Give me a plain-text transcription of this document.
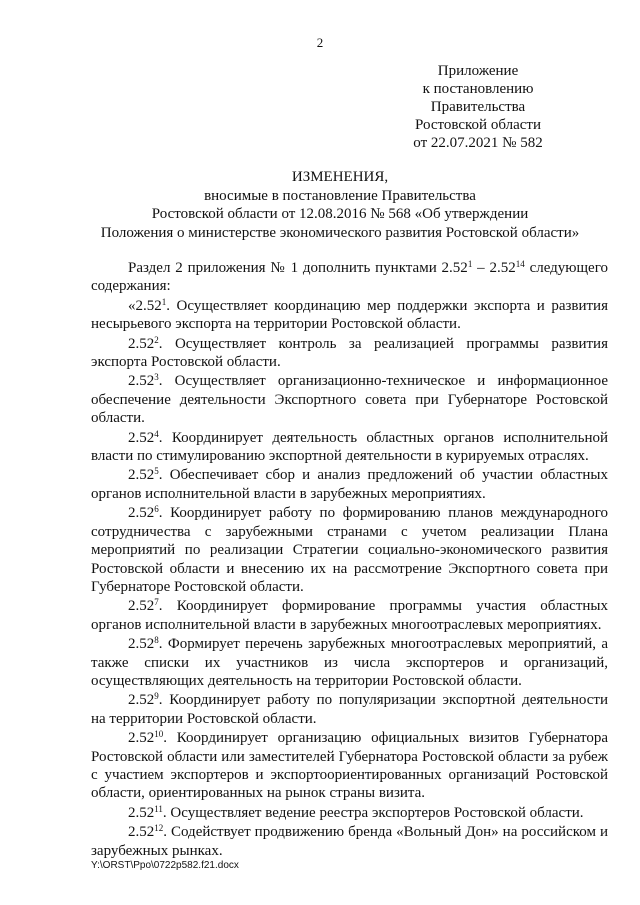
2
Приложение
к постановлению
Правительства
Ростовской области
от 22.07.2021 № 582
ИЗМЕНЕНИЯ,
вносимые в постановление Правительства
Ростовской области от 12.08.2016 № 568 «Об утверждении
Положения о министерстве экономического развития Ростовской области»

Раздел 2 приложения № 1 дополнить пунктами 2.52$^1$ – 2.52$^{14}$ следующего содержания:

«2.52$^1$. Осуществляет координацию мер поддержки экспорта и развития несырьевого экспорта на территории Ростовской области.

2.52$^2$. Осуществляет контроль за реализацией программы развития экспорта Ростовской области.

2.52$^3$. Осуществляет организационно-техническое и информационное обеспечение деятельности Экспортного совета при Губернаторе Ростовской области.

2.52$^4$. Координирует деятельность областных органов исполнительной власти по стимулированию экспортной деятельности в курируемых отраслях.

2.52$^5$. Обеспечивает сбор и анализ предложений об участии областных органов исполнительной власти в зарубежных мероприятиях.

2.52$^6$. Координирует работу по формированию планов международного сотрудничества с зарубежными странами с учетом реализации Плана мероприятий по реализации Стратегии социально-экономического развития Ростовской области и внесению их на рассмотрение Экспортного совета при Губернаторе Ростовской области.

2.52$^7$. Координирует формирование программы участия областных органов исполнительной власти в зарубежных многоотраслевых мероприятиях.

2.52$^8$. Формирует перечень зарубежных многоотраслевых мероприятий, а также списки их участников из числа экспортеров и организаций, осуществляющих деятельность на территории Ростовской области.

2.52$^9$. Координирует работу по популяризации экспортной деятельности на территории Ростовской области.

2.52$^{10}$. Координирует организацию официальных визитов Губернатора Ростовской области или заместителей Губернатора Ростовской области за рубеж с участием экспортеров и экспортоориентированных организаций Ростовской области, ориентированных на рынок страны визита.

2.52$^{11}$. Осуществляет ведение реестра экспортеров Ростовской области.

2.52$^{12}$. Содействует продвижению бренда «Вольный Дон» на российском и зарубежных рынках.

Y:\ORST\Ppo\0722p582.f21.docx
